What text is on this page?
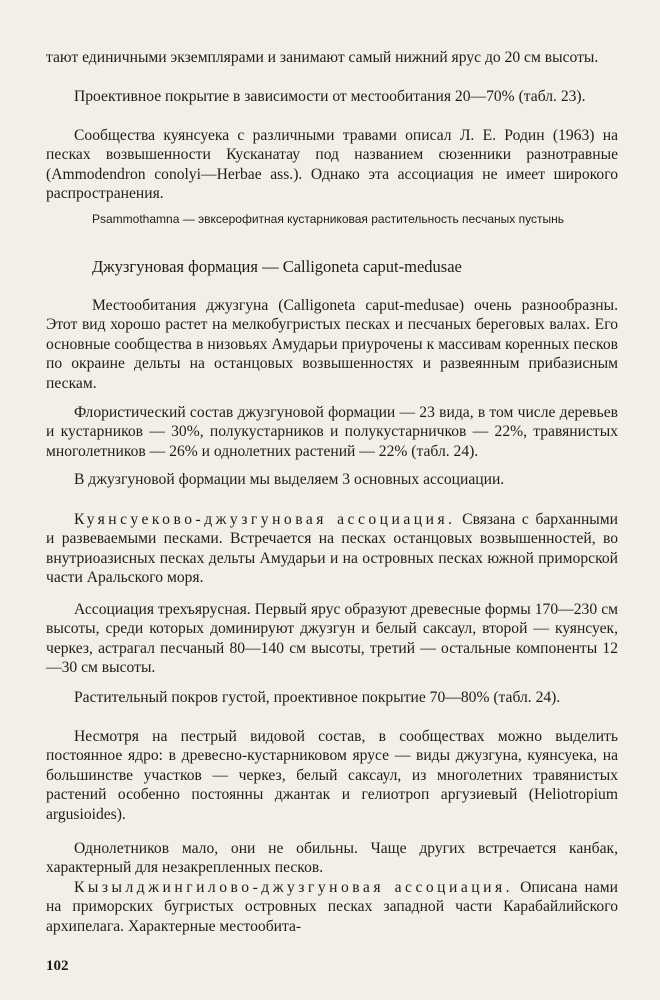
тают единичными экземплярами и занимают самый нижний ярус до 20 см высоты.

Проективное покрытие в зависимости от местообитания 20—70% (табл. 23).

Сообщества куянсуека с различными травами описал Л. Е. Родин (1963) на песках возвышенности Кусканатау под названием сюзенники разнотравные (Ammodendron conolyi—Herbae ass.). Однако эта ассоциация не имеет широкого распространения.

Psammothamna — эвксерофитная кустарниковая растительность песчаных пустынь

Джузгуновая формация — Calligoneta caput-medusae

Местообитания джузгуна (Calligoneta caput-medusae) очень разнообразны. Этот вид хорошо растет на мелкобугристых песках и песчаных береговых валах. Его основные сообщества в низовьях Амударьи приурочены к массивам коренных песков по окраине дельты на останцовых возвышенностях и развеянным прибазисным пескам.

Флористический состав джузгуновой формации — 23 вида, в том числе деревьев и кустарников — 30%, полукустарников и полукустарничков — 22%, травянистых многолетников — 26% и однолетних растений — 22% (табл. 24).

В джузгуновой формации мы выделяем 3 основных ассоциации.

Куянсуеково-джузгуновая ассоциация. Связана с барханными и развеваемыми песками. Встречается на песках останцовых возвышенностей, во внутриоазисных песках дельты Амударьи и на островных песках южной приморской части Аральского моря.

Ассоциация трехъярусная. Первый ярус образуют древесные формы 170—230 см высоты, среди которых доминируют джузгун и белый саксаул, второй — куянсуек, черкез, астрагал песчаный 80—140 см высоты, третий — остальные компоненты 12—30 см высоты.

Растительный покров густой, проективное покрытие 70—80% (табл. 24).

Несмотря на пестрый видовой состав, в сообществах можно выделить постоянное ядро: в древесно-кустарниковом ярусе — виды джузгуна, куянсуека, на большинстве участков — черкез, белый саксаул, из многолетних травянистых растений особенно постоянны джантак и гелиотроп аргузиевый (Heliotropium argusioides).

Однолетников мало, они не обильны. Чаще других встречается канбак, характерный для незакрепленных песков.

Кызылджингилово-джузгуновая ассоциация. Описана нами на приморских бугристых островных песках западной части Карабайлийского архипелага. Характерные местообита-

102
